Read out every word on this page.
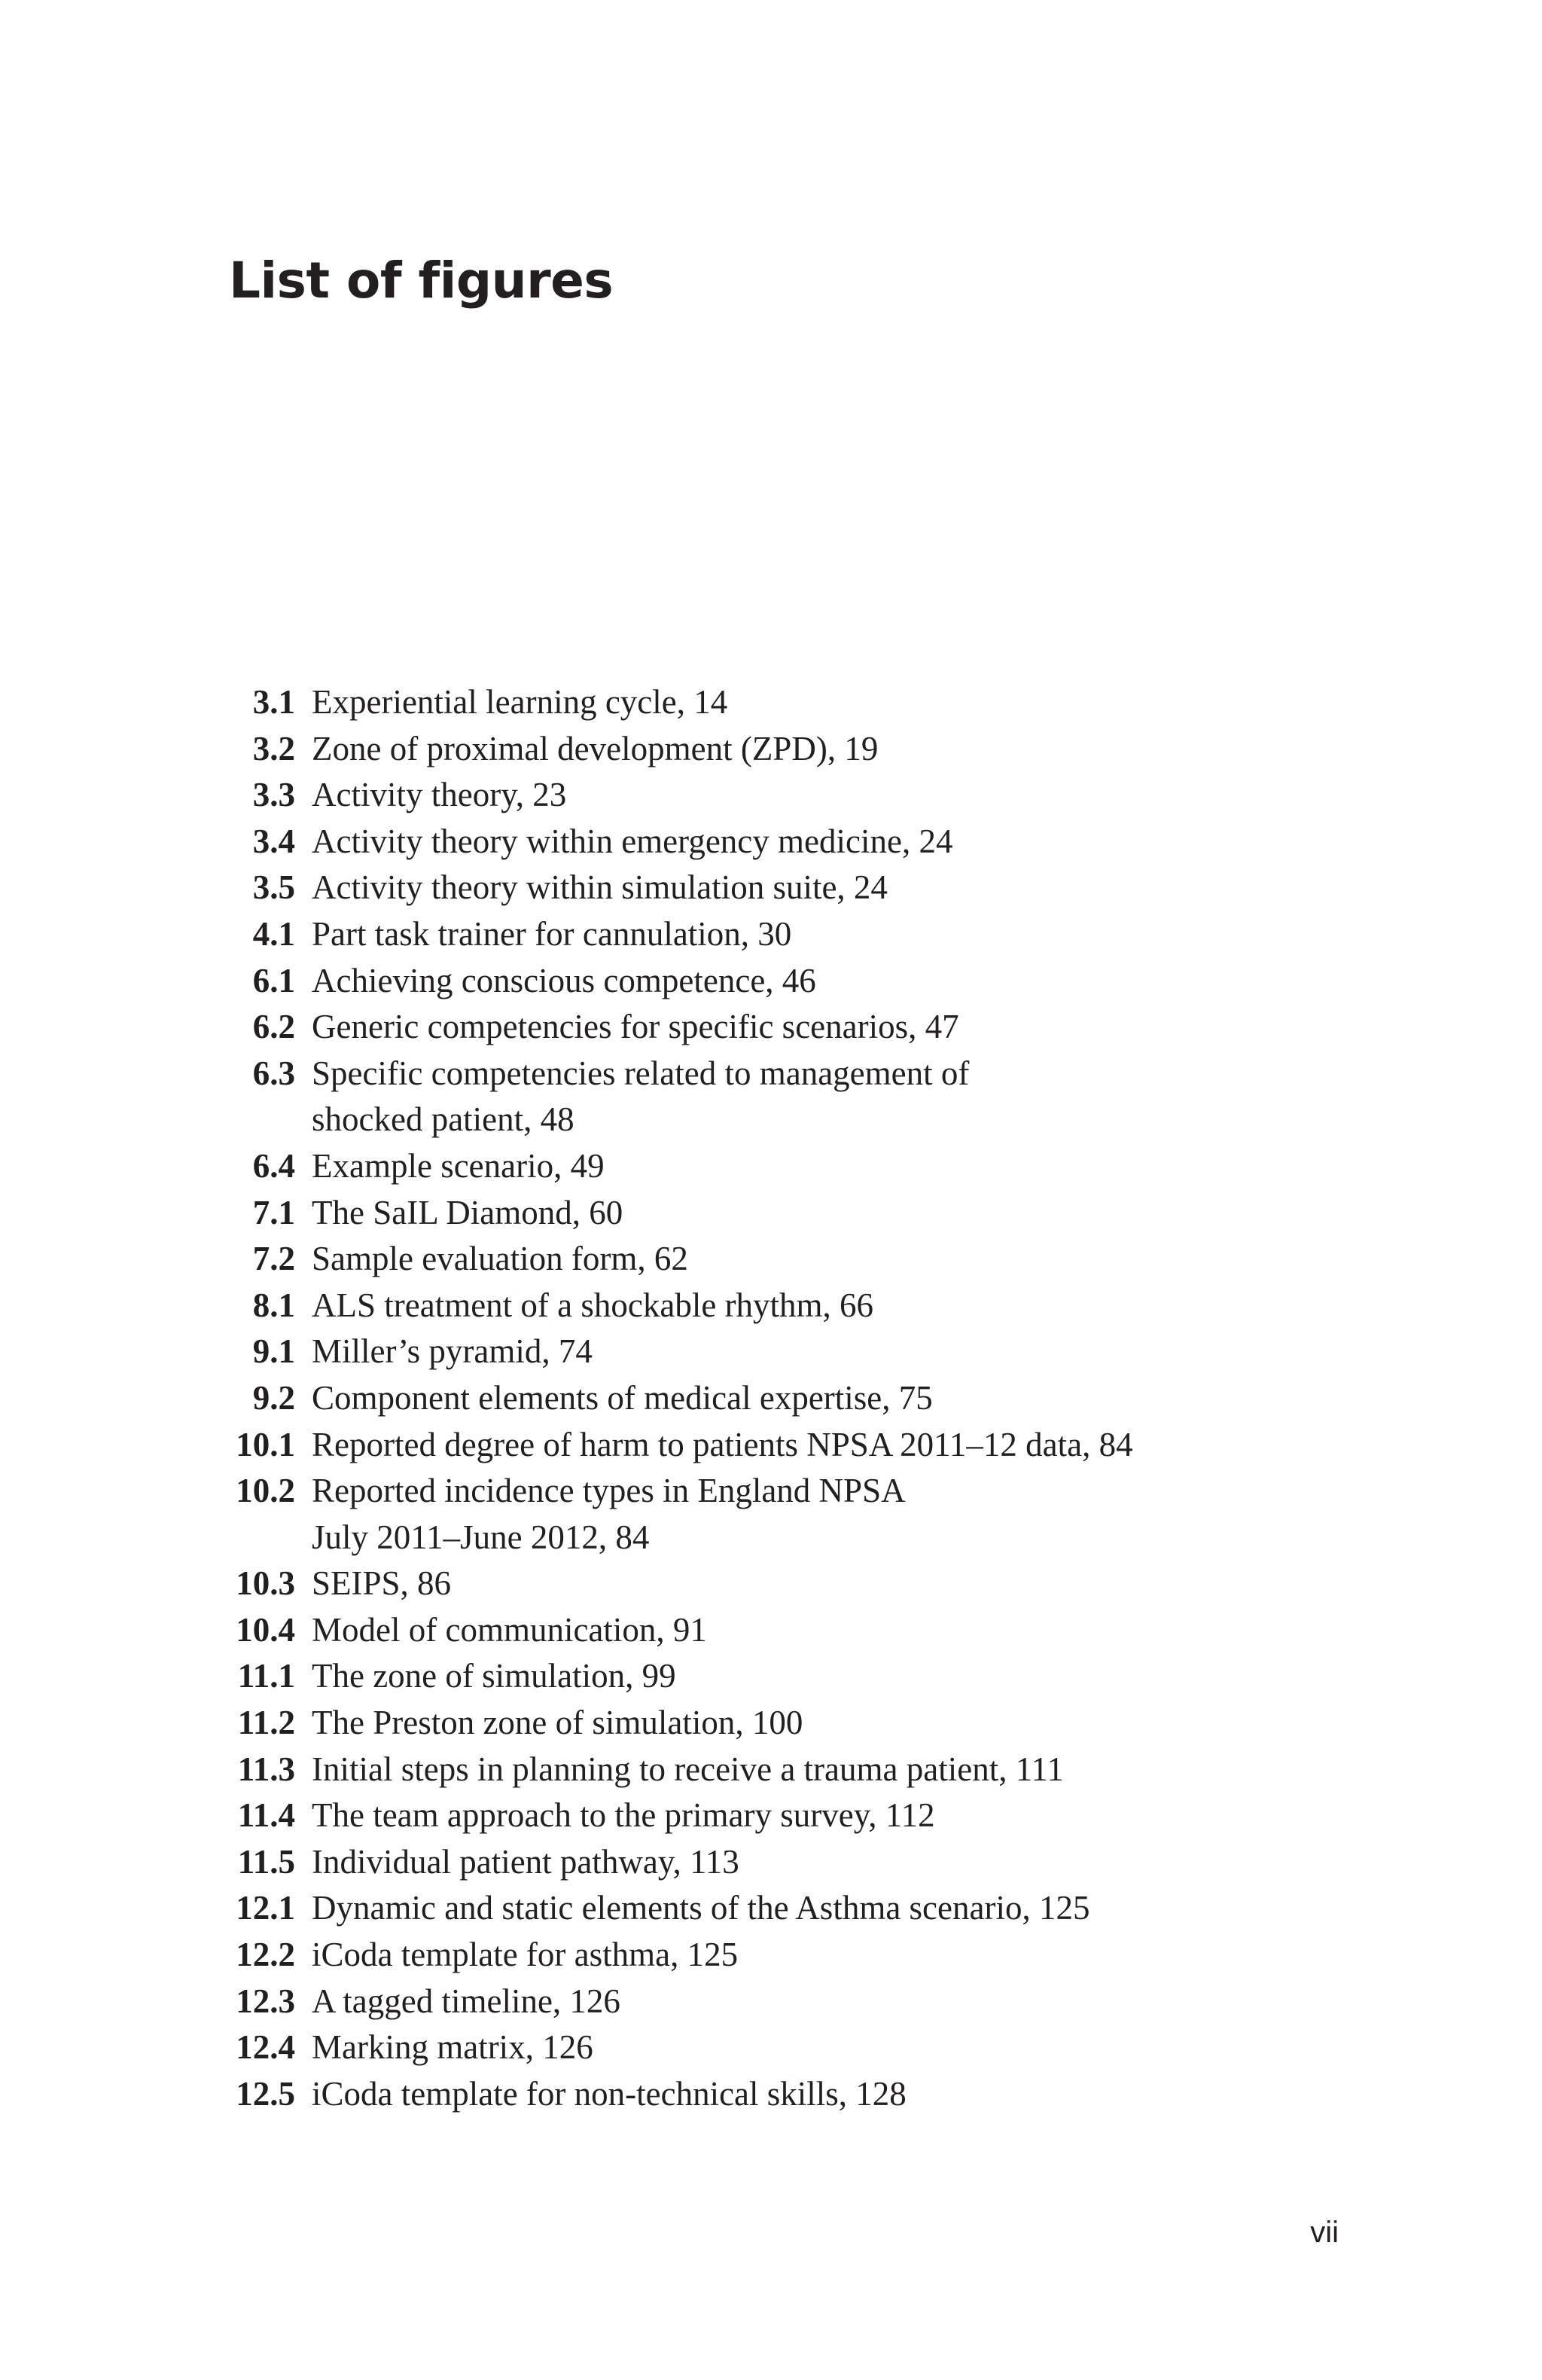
List of figures
3.1 Experiential learning cycle, 14
3.2 Zone of proximal development (ZPD), 19
3.3 Activity theory, 23
3.4 Activity theory within emergency medicine, 24
3.5 Activity theory within simulation suite, 24
4.1 Part task trainer for cannulation, 30
6.1 Achieving conscious competence, 46
6.2 Generic competencies for specific scenarios, 47
6.3 Specific competencies related to management of
shocked patient, 48
6.4 Example scenario, 49
7.1 The SaIL Diamond, 60
7.2 Sample evaluation form, 62
8.1 ALS treatment of a shockable rhythm, 66
9.1 Miller’s pyramid, 74
9.2 Component elements of medical expertise, 75
10.1 Reported degree of harm to patients NPSA 2011–12 data, 84
10.2 Reported incidence types in England NPSA
July 2011–June 2012, 84
10.3 SEIPS, 86
10.4 Model of communication, 91
11.1 The zone of simulation, 99
11.2 The Preston zone of simulation, 100
11.3 Initial steps in planning to receive a trauma patient, 111
11.4 The team approach to the primary survey, 112
11.5 Individual patient pathway, 113
12.1 Dynamic and static elements of the Asthma scenario, 125
12.2 iCoda template for asthma, 125
12.3 A tagged timeline, 126
12.4 Marking matrix, 126
12.5 iCoda template for non-technical skills, 128
vii
